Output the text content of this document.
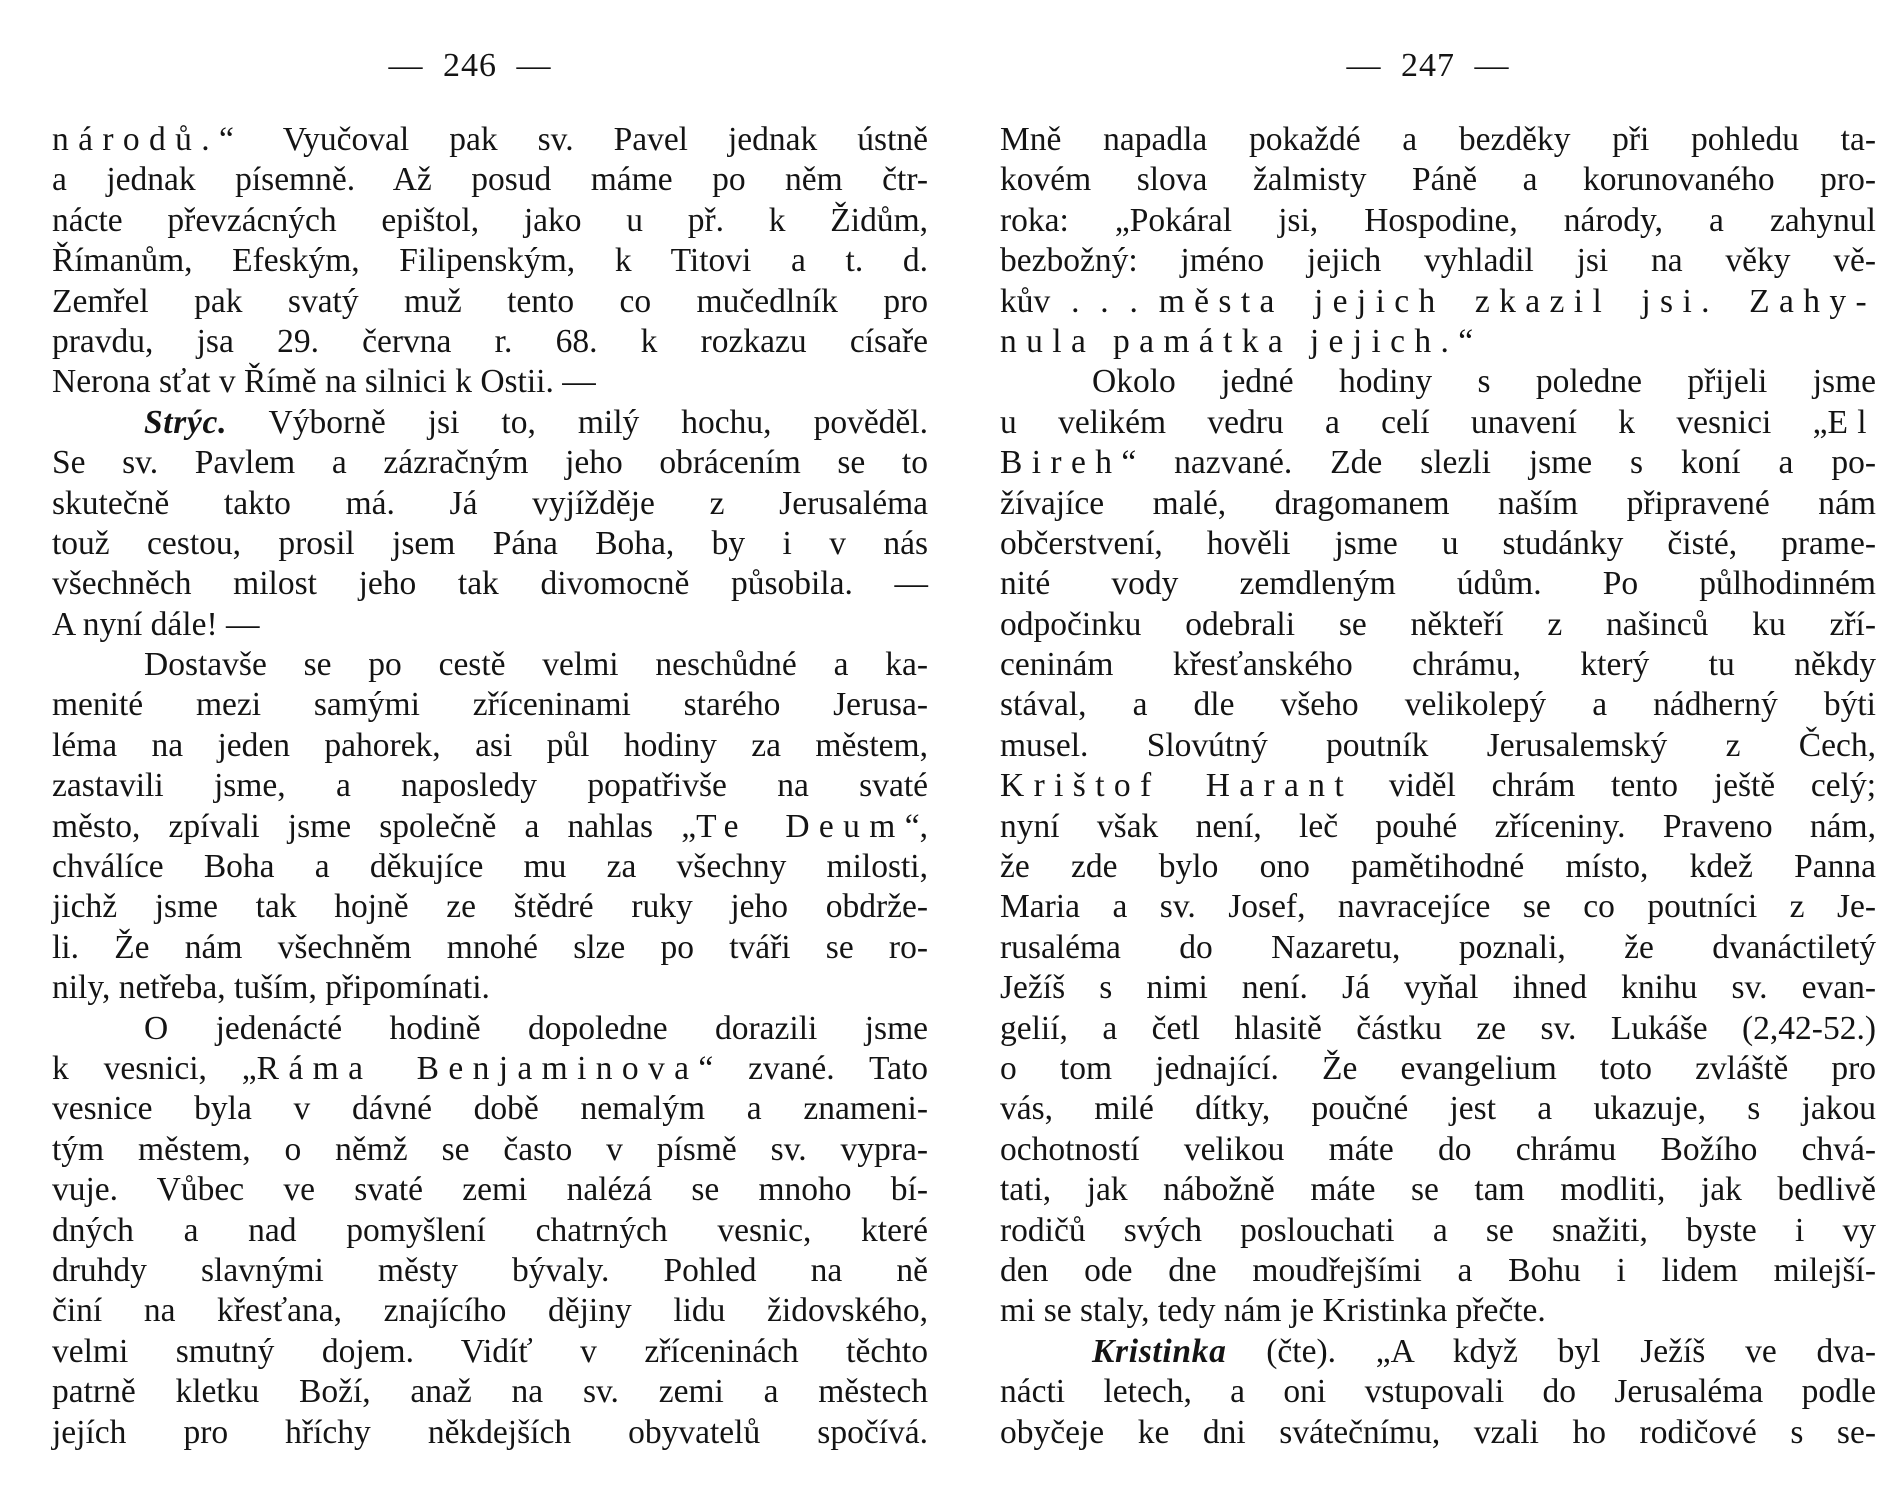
— 246 —
národů.“ Vyučoval pak sv. Pavel jednak ústně
a jednak písemně. Až posud máme po něm čtr-
nácte převzácných epištol, jako u př. k Židům,
Římanům, Efeským, Filipenským, k Titovi a t. d.
Zemřel pak svatý muž tento co mučedlník pro
pravdu, jsa 29. června r. 68. k rozkazu císaře
Nerona sťat v Římě na silnici k Ostii. —
Strýc. Výborně jsi to, milý hochu, pověděl.
Se sv. Pavlem a zázračným jeho obrácením se to
skutečně takto má. Já vyjížděje z Jerusaléma
touž cestou, prosil jsem Pána Boha, by i v nás
všechněch milost jeho tak divomocně působila. —
A nyní dále! —
Dostavše se po cestě velmi neschůdné a ka-
menité mezi samými zříceninami starého Jerusa-
léma na jeden pahorek, asi půl hodiny za městem,
zastavili jsme, a naposledy popatřivše na svaté
město, zpívali jsme společně a nahlas „Te Deum“,
chválíce Boha a děkujíce mu za všechny milosti,
jichž jsme tak hojně ze štědré ruky jeho obdrže-
li. Že nám všechněm mnohé slze po tváři se ro-
nily, netřeba, tuším, připomínati.
O jedenácté hodině dopoledne dorazili jsme
k vesnici, „Ráma Benjaminova“ zvané. Tato
vesnice byla v dávné době nemalým a znameni-
tým městem, o němž se často v písmě sv. vypra-
vuje. Vůbec ve svaté zemi nalézá se mnoho bí-
dných a nad pomyšlení chatrných vesnic, které
druhdy slavnými městy bývaly. Pohled na ně
činí na křesťana, znajícího dějiny lidu židovského,
velmi smutný dojem. Vidíť v zříceninách těchto
patrně kletku Boží, anaž na sv. zemi a městech
jejích pro hříchy někdejších obyvatelů spočívá.
— 247 —
Mně napadla pokaždé a bezděky při pohledu ta-
kovém slova žalmisty Páně a korunovaného pro-
roka: „Pokáral jsi, Hospodine, národy, a zahynul
bezbožný: jméno jejich vyhladil jsi na věky vě-
kův . . . města jejich zkazil jsi. Zahy-
nula památka jejich.“
Okolo jedné hodiny s poledne přijeli jsme
u velikém vedru a celí unavení k vesnici „El
Bireh“ nazvané. Zde slezli jsme s koní a po-
žívajíce malé, dragomanem naším připravené nám
občerstvení, hověli jsme u studánky čisté, prame-
nité vody zemdleným údům. Po půlhodinném
odpočinku odebrali se někteří z našinců ku zří-
ceninám křesťanského chrámu, který tu někdy
stával, a dle všeho velikolepý a nádherný býti
musel. Slovútný poutník Jerusalemský z Čech,
Krištof Harant viděl chrám tento ještě celý;
nyní však není, leč pouhé zříceniny. Praveno nám,
že zde bylo ono pamětihodné místo, kdež Panna
Maria a sv. Josef, navracejíce se co poutníci z Je-
rusaléma do Nazaretu, poznali, že dvanáctiletý
Ježíš s nimi není. Já vyňal ihned knihu sv. evan-
gelií, a četl hlasitě částku ze sv. Lukáše (2,42-52.)
o tom jednající. Že evangelium toto zvláště pro
vás, milé dítky, poučné jest a ukazuje, s jakou
ochotností velikou máte do chrámu Božího chvá-
tati, jak nábožně máte se tam modliti, jak bedlivě
rodičů svých poslouchati a se snažiti, byste i vy
den ode dne moudřejšími a Bohu i lidem milejší-
mi se staly, tedy nám je Kristinka přečte.
Kristinka (čte). „A když byl Ježíš ve dva-
nácti letech, a oni vstupovali do Jerusaléma podle
obyčeje ke dni svátečnímu, vzali ho rodičové s se-
